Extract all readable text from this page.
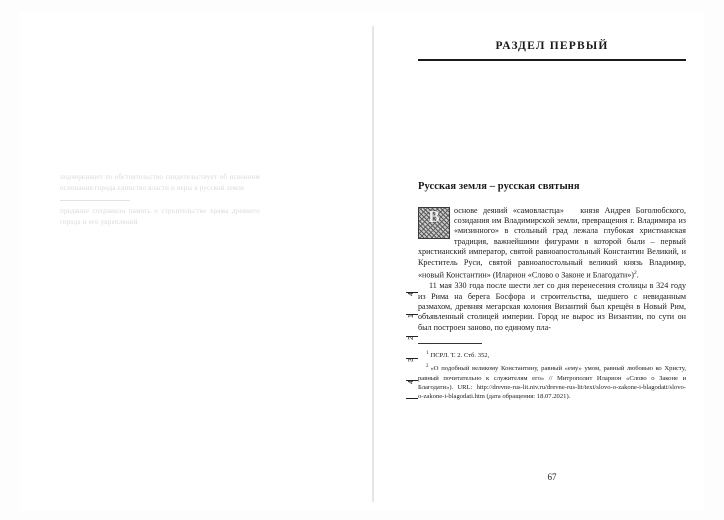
подчеркивает то обстоятельство свидетельствует об исконном основания города единство власти и веры в русской земле
предание сохранило память о строительстве храма древнего города и его укреплений
4
1
2
3
4
РАЗДЕЛ ПЕРВЫЙ
Русская земля – русская святыня
В

основе деяний «самовластца»   князя Андрея Боголюбского, созидания им Владимирской земли, превращения г. Владимира из «мизинного» в стольный град лежала глубокая христианская традиция, важнейшими фигурами в которой были – первый христианский император, святой равноапостольный Константин Великий, и Креститель Руси, святой равноапостольный великий князь Владимир, «новый Константин» (Иларион «Слово о Законе и Благодати»)$^2$.

11 мая 330 года после шести лет со дня перенесения столицы в 324 году из Рима на берега Босфора и строительства, шедшего с невиданным размахом, древняя мегарская колония Византий был крещён в Новый Рим, объявленный столицей империи. Город не вырос из Византии, по сути он был построен заново, по единому пла-

$^1$ ПСРЛ. Т. 2. Стб. 352,

$^2$ «О подобный великому Константину, равный «ему» умом, равный любовью ко Христу, равный почитательно к служителям его» // Митрополит Иларион «Слово о Законе и Благодати»). URL: http://drevne-rus-lit.niv.ru/drevne-rus-lit/text/slovo-o-zakone-i-blagodati/slovo-o-zakone-i-blagodati.htm (дата обращения: 18.07.2021).

67
